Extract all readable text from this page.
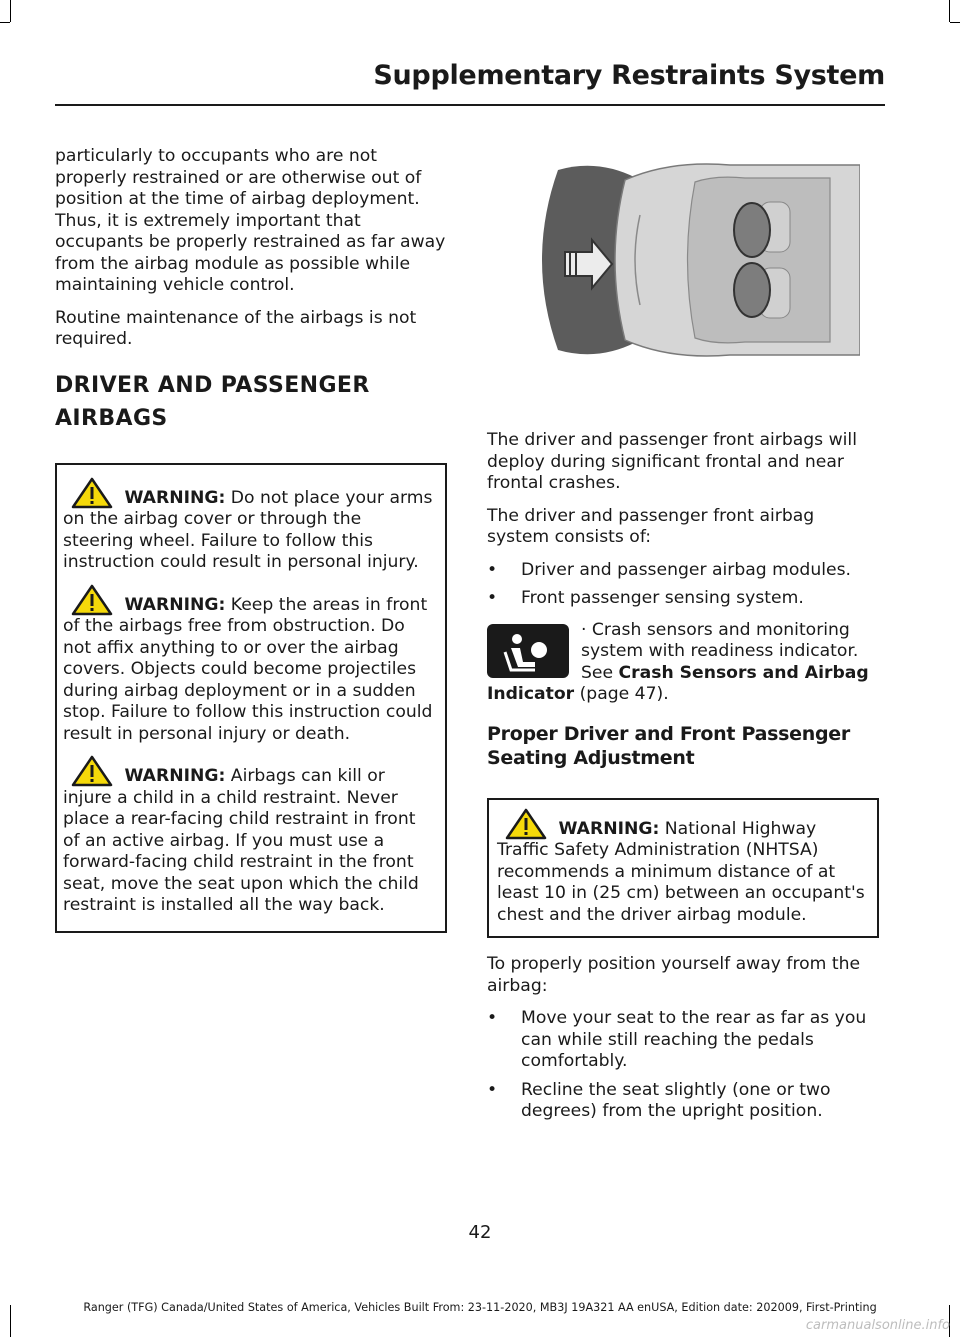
Supplementary Restraints System

particularly to occupants who are not properly restrained or are otherwise out of position at the time of airbag deployment. Thus, it is extremely important that occupants be properly restrained as far away from the airbag module as possible while maintaining vehicle control.

Routine maintenance of the airbags is not required.

DRIVER AND PASSENGER
AIRBAGS

WARNING: Do not place your arms on the airbag cover or through the steering wheel. Failure to follow this instruction could result in personal injury.

WARNING: Keep the areas in front of the airbags free from obstruction. Do not affix anything to or over the airbag covers. Objects could become projectiles during airbag deployment or in a sudden stop. Failure to follow this instruction could result in personal injury or death.

WARNING: Airbags can kill or injure a child in a child restraint. Never place a rear-facing child restraint in front of an active airbag. If you must use a forward-facing child restraint in the front seat, move the seat upon which the child restraint is installed all the way back.

The driver and passenger front airbags will deploy during significant frontal and near frontal crashes.

The driver and passenger front airbag system consists of:

• Driver and passenger airbag modules.
• Front passenger sensing system.

· Crash sensors and monitoring system with readiness indicator. See Crash Sensors and Airbag Indicator (page 47).

Proper Driver and Front Passenger Seating Adjustment

WARNING: National Highway Traffic Safety Administration (NHTSA) recommends a minimum distance of at least 10 in (25 cm) between an occupant's chest and the driver airbag module.

To properly position yourself away from the airbag:

• Move your seat to the rear as far as you can while still reaching the pedals comfortably.
• Recline the seat slightly (one or two degrees) from the upright position.
42
Ranger (TFG) Canada/United States of America, Vehicles Built From: 23-11-2020, MB3J 19A321 AA enUSA, Edition date: 202009, First-Printing
carmanualsonline.info
